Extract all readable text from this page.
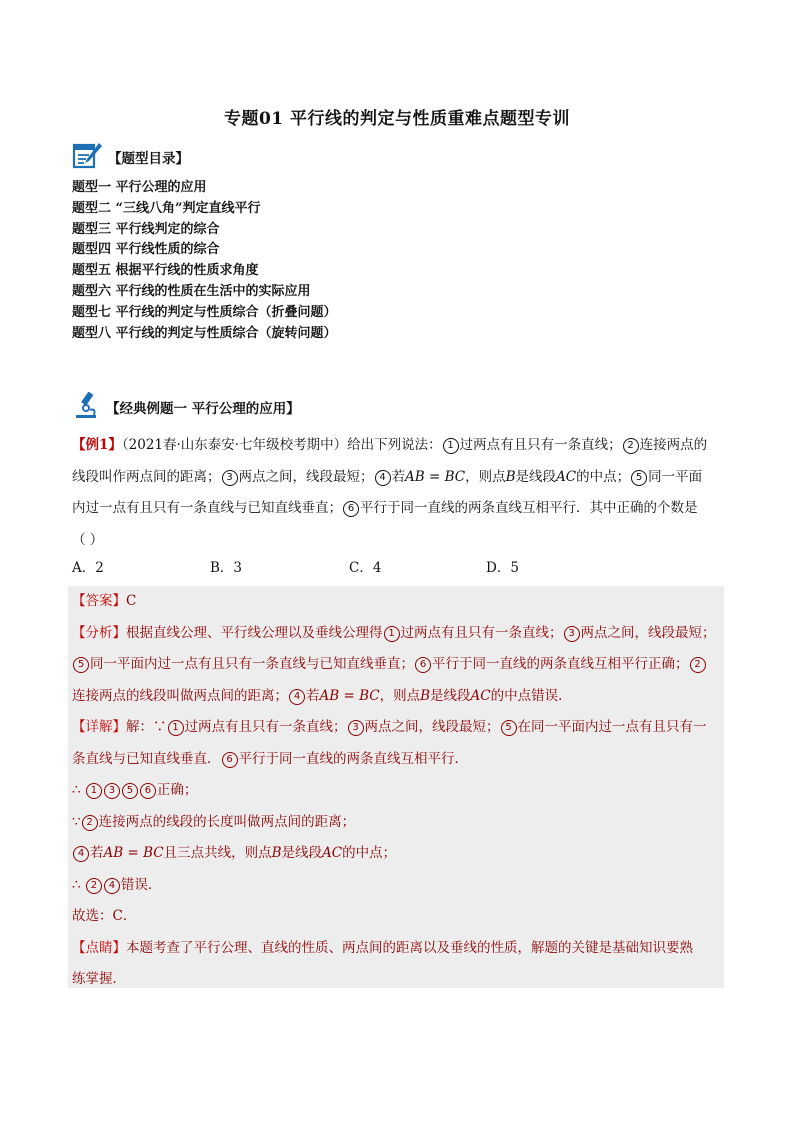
专题01 平行线的判定与性质重难点题型专训
【题型目录】
题型一 平行公理的应用
题型二 “三线八角”判定直线平行
题型三 平行线判定的综合
题型四 平行线性质的综合
题型五 根据平行线的性质求角度
题型六 平行线的性质在生活中的实际应用
题型七 平行线的判定与性质综合（折叠问题）
题型八 平行线的判定与性质综合（旋转问题）
【经典例题一 平行公理的应用】
【例1】（2021春·山东泰安·七年级校考期中）给出下列说法： 1 过两点有且只有一条直线； 2 连接两点的
线段叫作两点间的距离； 3 两点之间，线段最短； 4 若AB = BC，则点B是线段AC的中点； 5 同一平面
内过一点有且只有一条直线与已知直线垂直； 6 平行于同一直线的两条直线互相平行．其中正确的个数是
（ ）
A．2	B．3	C．4	D．5
【答案】C
【分析】根据直线公理、平行线公理以及垂线公理得 1 过两点有且只有一条直线； 3 两点之间，线段最短；
5 同一平面内过一点有且只有一条直线与已知直线垂直； 6 平行于同一直线的两条直线互相平行正确； 2
连接两点的线段叫做两点间的距离； 4 若AB = BC，则点B是线段AC的中点错误．
【详解】解：∵ 1 过两点有且只有一条直线； 3 两点之间，线段最短； 5 在同一平面内过一点有且只有一
条直线与已知直线垂直． 6 平行于同一直线的两条直线互相平行．
∴ 1 3 5 6 正确；
∵ 2 连接两点的线段的长度叫做两点间的距离；
4 若AB = BC且三点共线，则点B是线段AC的中点；
∴ 2 4 错误．
故选：C．
【点睛】本题考查了平行公理、直线的性质、两点间的距离以及垂线的性质，解题的关键是基础知识要熟
练掌握．
